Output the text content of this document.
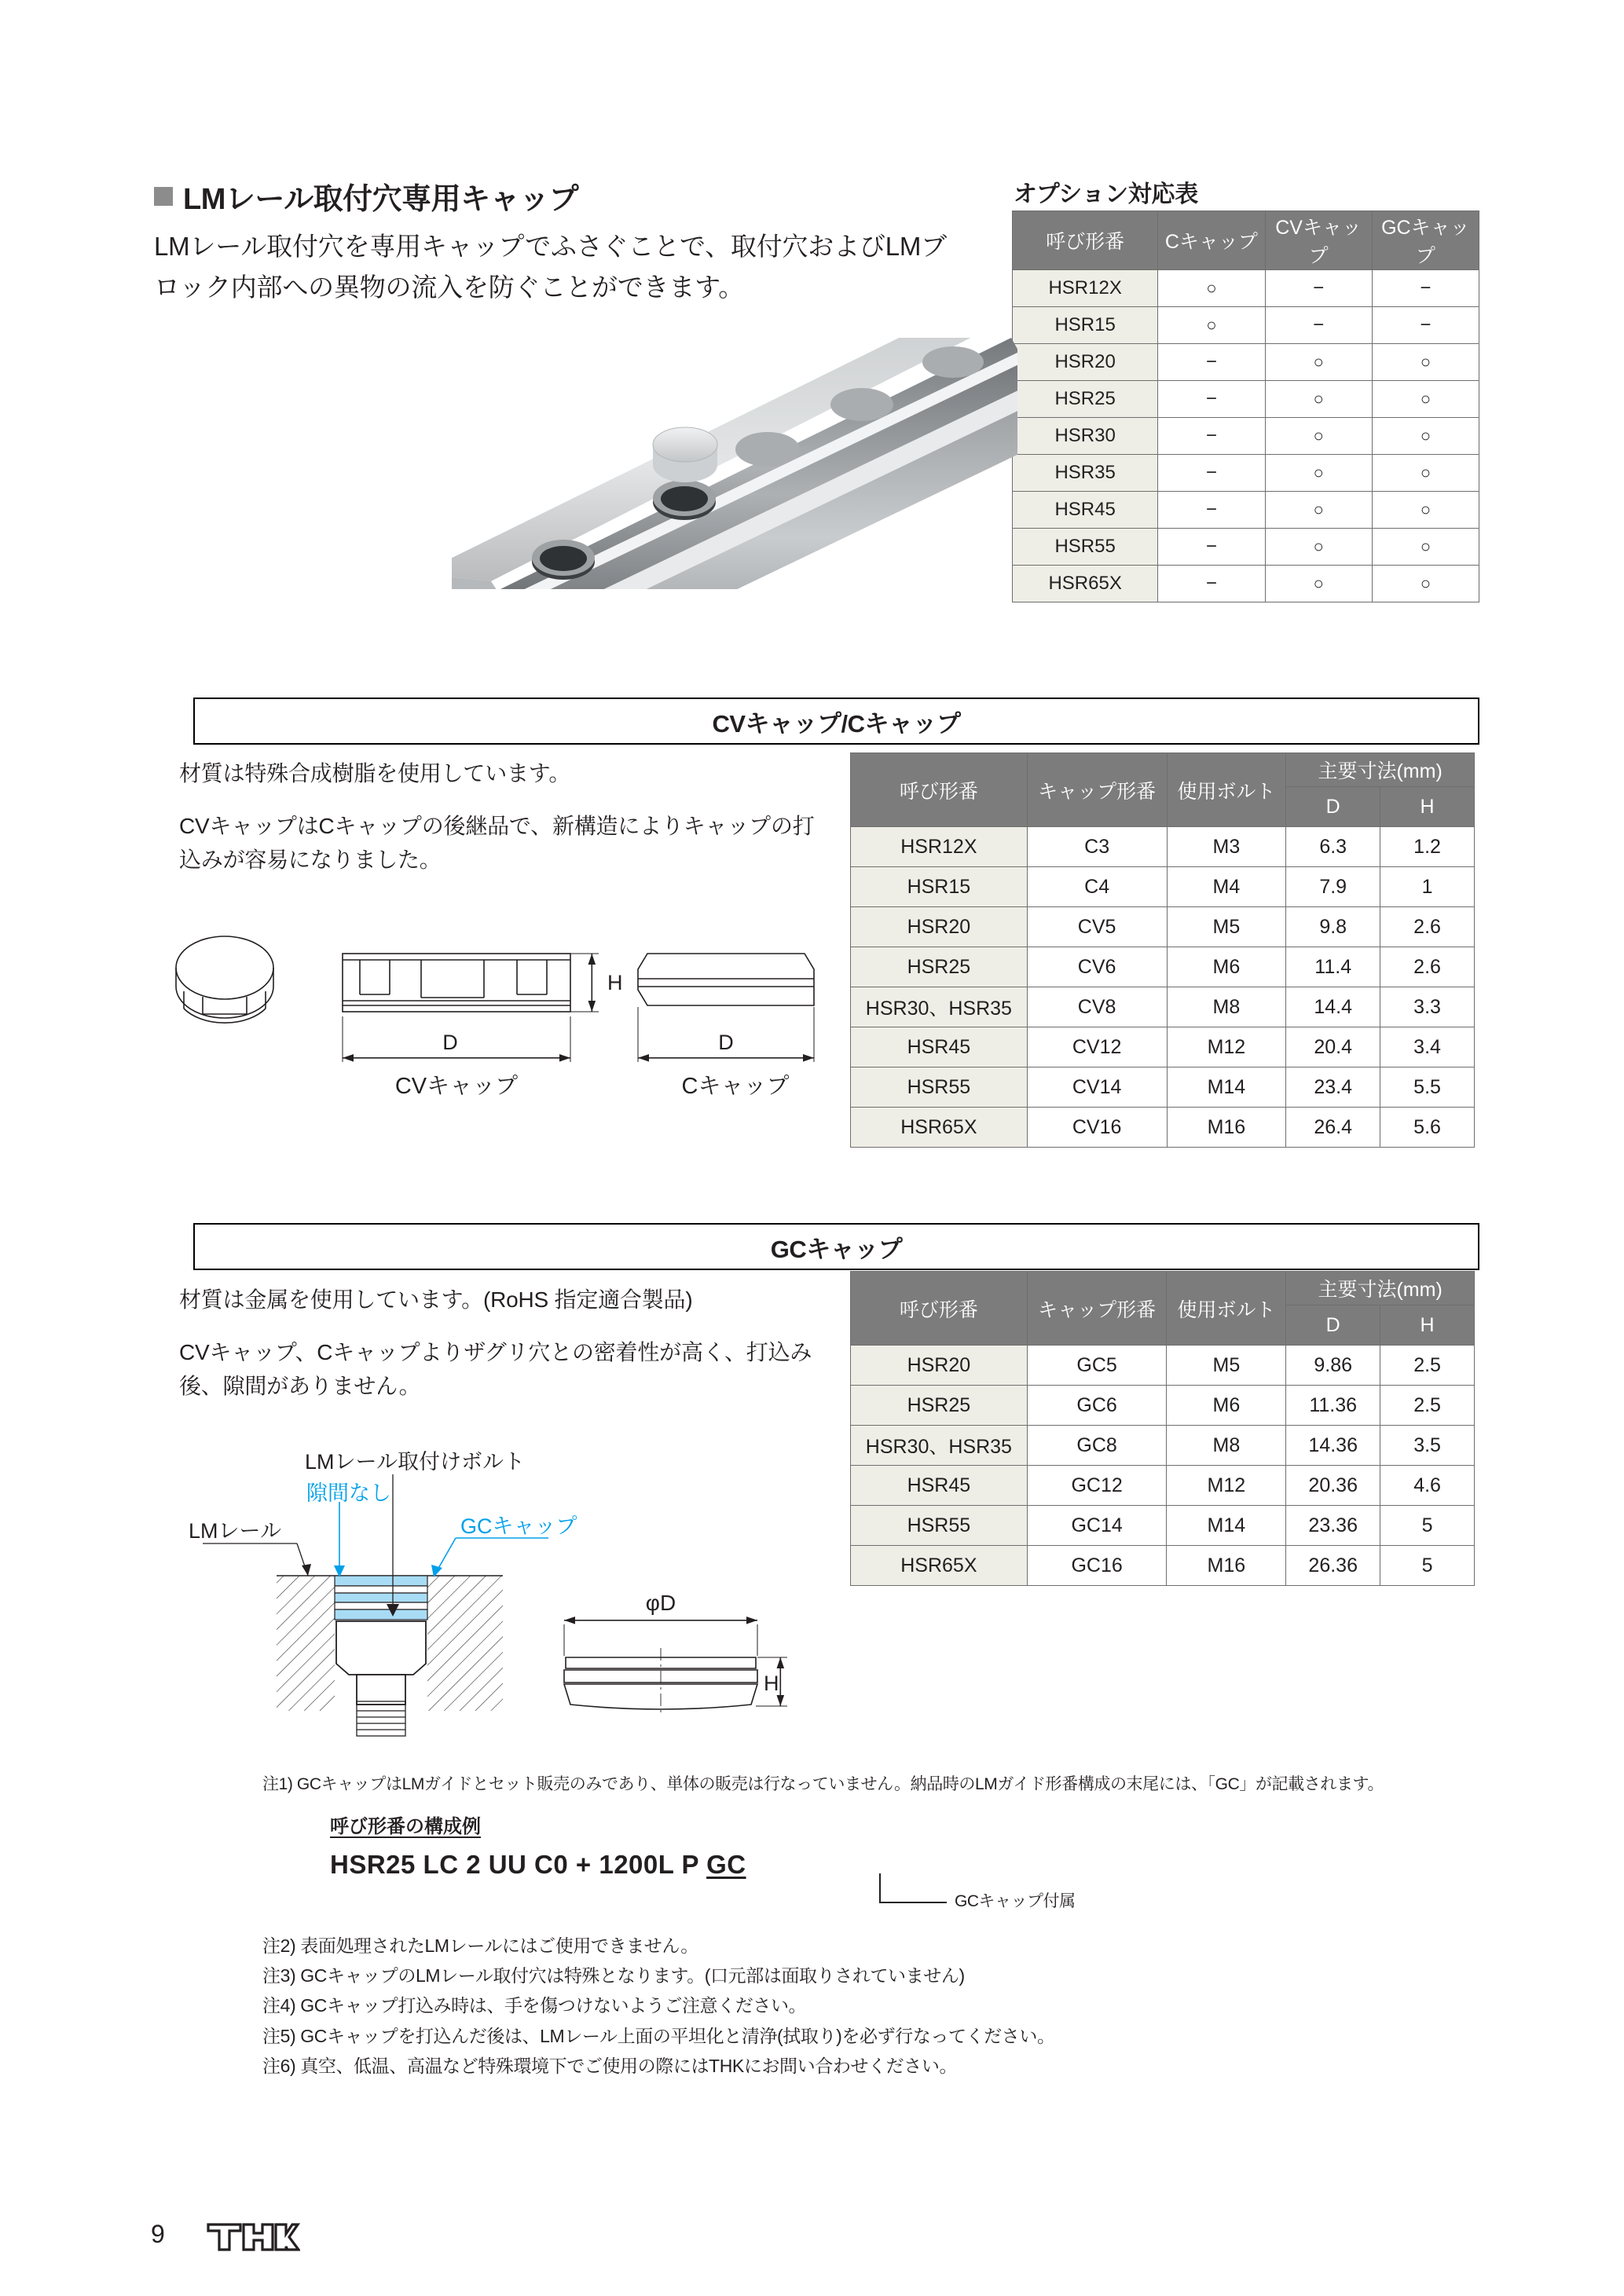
LMレール取付穴専用キャップ
LMレール取付穴を専用キャップでふさぐことで、取付穴およびLMブロック内部への異物の流入を防ぐことができます。
オプション対応表
呼び形番	Cキャップ	CVキャップ	GCキャップ
HSR12X	○	−	−
HSR15	○	−	−
HSR20	−	○	○
HSR25	−	○	○
HSR30	−	○	○
HSR35	−	○	○
HSR45	−	○	○
HSR55	−	○	○
HSR65X	−	○	○
CVキャップ/Cキャップ
材質は特殊合成樹脂を使用しています。
CVキャップはCキャップの後継品で、新構造によりキャップの打込みが容易になりました。
D
H
CVキャップ
D
Cキャップ
呼び形番	キャップ形番	使用ボルト	主要寸法(mm)	
			D	H
HSR12X	C3	M3	6.3	1.2
HSR15	C4	M4	7.9	1
HSR20	CV5	M5	9.8	2.6
HSR25	CV6	M6	11.4	2.6
HSR30、HSR35	CV8	M8	14.4	3.3
HSR45	CV12	M12	20.4	3.4
HSR55	CV14	M14	23.4	5.5
HSR65X	CV16	M16	26.4	5.6
GCキャップ
材質は金属を使用しています。(RoHS 指定適合製品)
CVキャップ、Cキャップよりザグリ穴との密着性が高く、打込み後、隙間がありません。
LMレール
隙間なし
LMレール取付けボルト
GCキャップ
φD
H
呼び形番	キャップ形番	使用ボルト	主要寸法(mm)	
			D	H
HSR20	GC5	M5	9.86	2.5
HSR25	GC6	M6	11.36	2.5
HSR30、HSR35	GC8	M8	14.36	3.5
HSR45	GC12	M12	20.36	4.6
HSR55	GC14	M14	23.36	5
HSR65X	GC16	M16	26.36	5
注1) GCキャップはLMガイドとセット販売のみであり、単体の販売は行なっていません。納品時のLMガイド形番構成の末尾には、「GC」が記載されます。
呼び形番の構成例
HSR25 LC 2 UU C0 + 1200L P GC
GCキャップ付属
注2) 表面処理されたLMレールにはご使用できません。
注3) GCキャップのLMレール取付穴は特殊となります。(口元部は面取りされていません)
注4) GCキャップ打込み時は、手を傷つけないようご注意ください。
注5) GCキャップを打込んだ後は、LMレール上面の平坦化と清浄(拭取り)を必ず行なってください。
注6) 真空、低温、高温など特殊環境下でご使用の際にはTHKにお問い合わせください。
9
